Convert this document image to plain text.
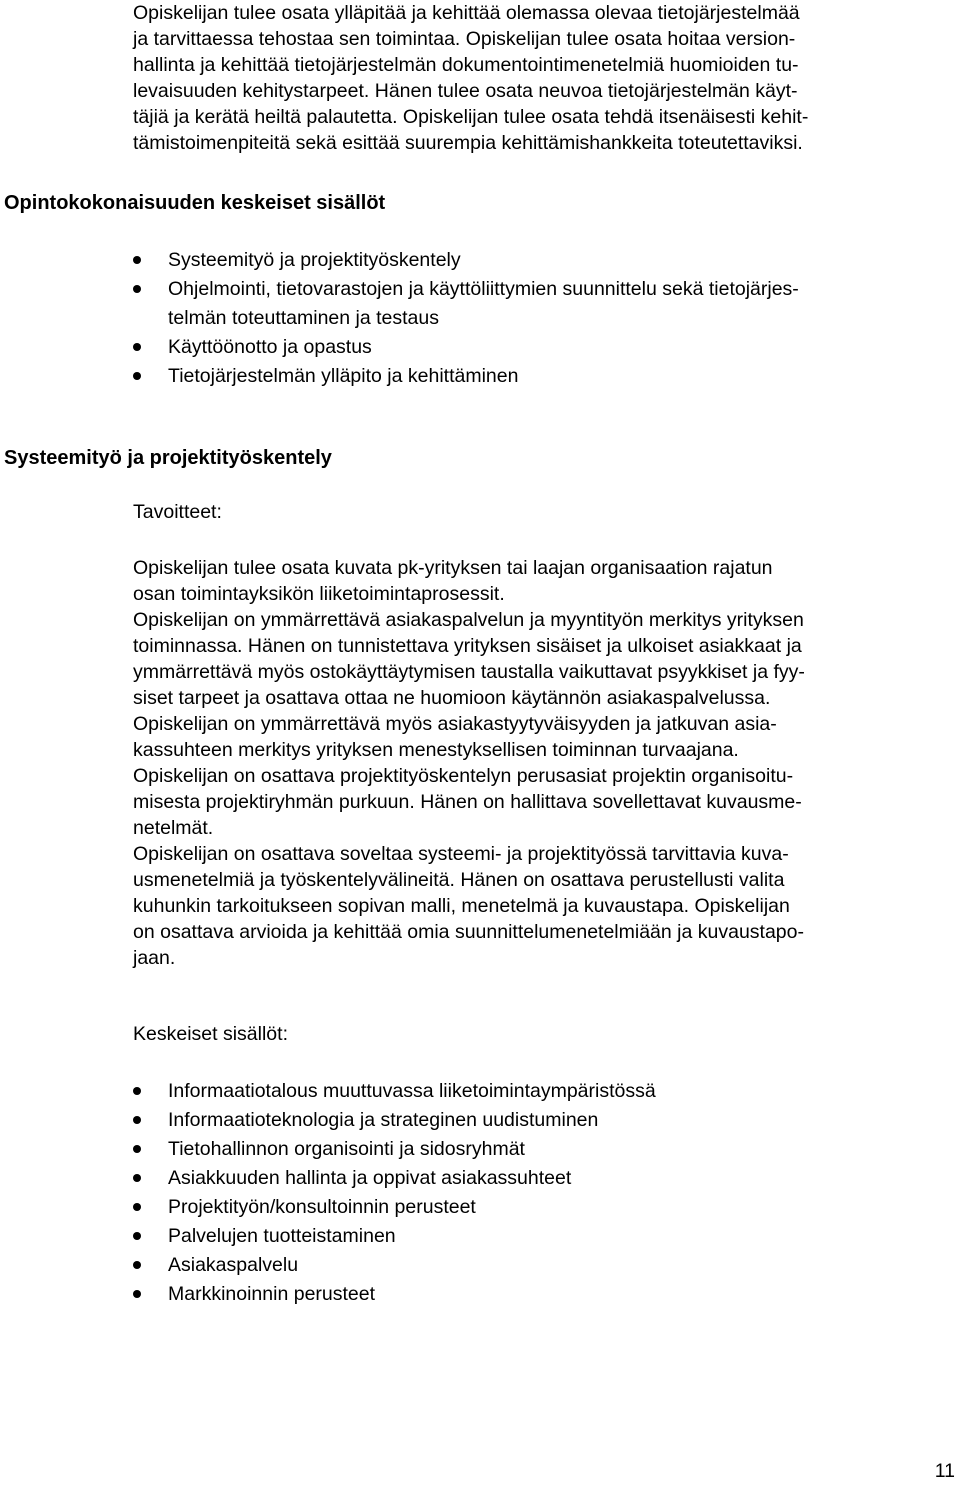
Opiskelijan tulee osata ylläpitää ja kehittää olemassa olevaa tietojärjestelmää
ja tarvittaessa tehostaa sen toimintaa. Opiskelijan tulee osata hoitaa version-
hallinta ja kehittää tietojärjestelmän dokumentointimenetelmiä huomioiden tu-
levaisuuden kehitystarpeet. Hänen tulee osata neuvoa tietojärjestelmän käyt-
täjiä ja kerätä heiltä palautetta. Opiskelijan tulee osata tehdä itsenäisesti kehit-
tämistoimenpiteitä sekä esittää suurempia kehittämishankkeita toteutettaviksi.
Opintokokonaisuuden keskeiset sisällöt
Systeemityö ja projektityöskentely
Ohjelmointi, tietovarastojen ja käyttöliittymien suunnittelu sekä tietojärjes-
telmän toteuttaminen ja testaus
Käyttöönotto ja opastus
Tietojärjestelmän ylläpito ja kehittäminen
Systeemityö ja projektityöskentely

Tavoitteet:

Opiskelijan tulee osata kuvata pk-yrityksen tai laajan organisaation rajatun
osan toimintayksikön liiketoimintaprosessit.
Opiskelijan on ymmärrettävä asiakaspalvelun ja myyntityön merkitys yrityksen
toiminnassa. Hänen on tunnistettava yrityksen sisäiset ja ulkoiset asiakkaat ja
ymmärrettävä myös ostokäyttäytymisen taustalla vaikuttavat psyykkiset ja fyy-
siset tarpeet ja osattava ottaa ne huomioon käytännön asiakaspalvelussa.
Opiskelijan on ymmärrettävä myös asiakastyytyväisyyden ja jatkuvan asia-
kassuhteen merkitys yrityksen menestyksellisen toiminnan turvaajana.
Opiskelijan on osattava projektityöskentelyn perusasiat projektin organisoitu-
misesta projektiryhmän purkuun. Hänen on hallittava sovellettavat kuvausme-
netelmät.
Opiskelijan on osattava soveltaa systeemi- ja projektityössä tarvittavia kuva-
usmenetelmiä ja työskentelyvälineitä. Hänen on osattava perustellusti valita
kuhunkin tarkoitukseen sopivan malli, menetelmä ja kuvaustapa. Opiskelijan
on osattava arvioida ja kehittää omia suunnittelumenetelmiään ja kuvaustapo-
jaan.

Keskeiset sisällöt:

Informaatiotalous muuttuvassa liiketoimintaympäristössä
Informaatioteknologia ja strateginen uudistuminen
Tietohallinnon organisointi ja sidosryhmät
Asiakkuuden hallinta ja oppivat asiakassuhteet
Projektityön/konsultoinnin perusteet
Palvelujen tuotteistaminen
Asiakaspalvelu
Markkinoinnin perusteet
11
